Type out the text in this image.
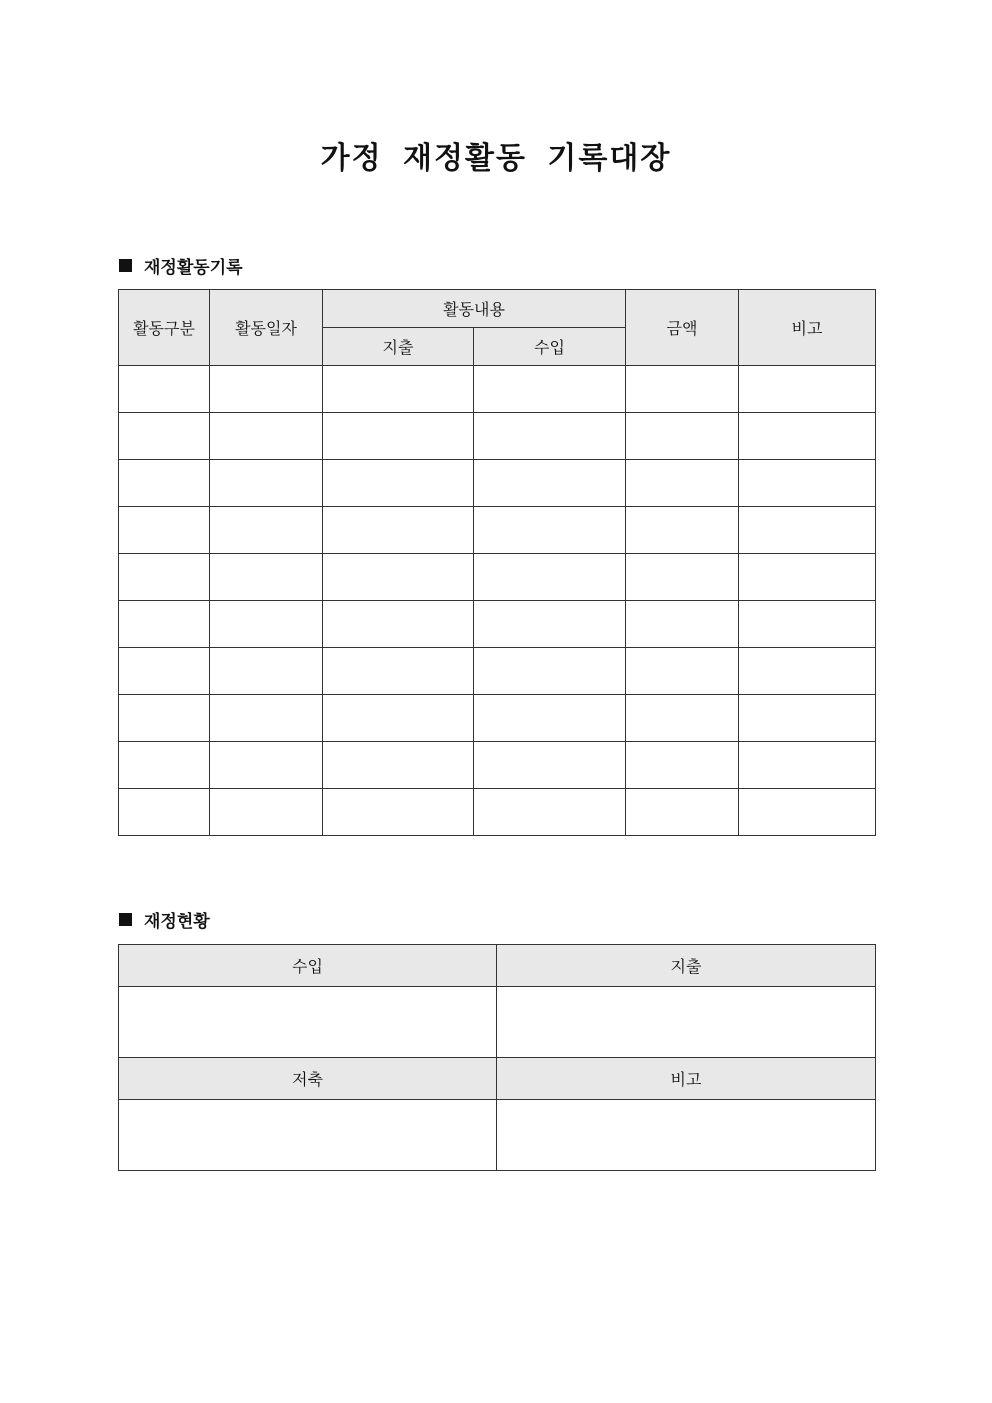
가정 재정활동 기록대장
재정활동기록
활동구분	활동일자	활동내용		금액	비고
		지출	수입		

재정현황
수입	지출

저축	비고
